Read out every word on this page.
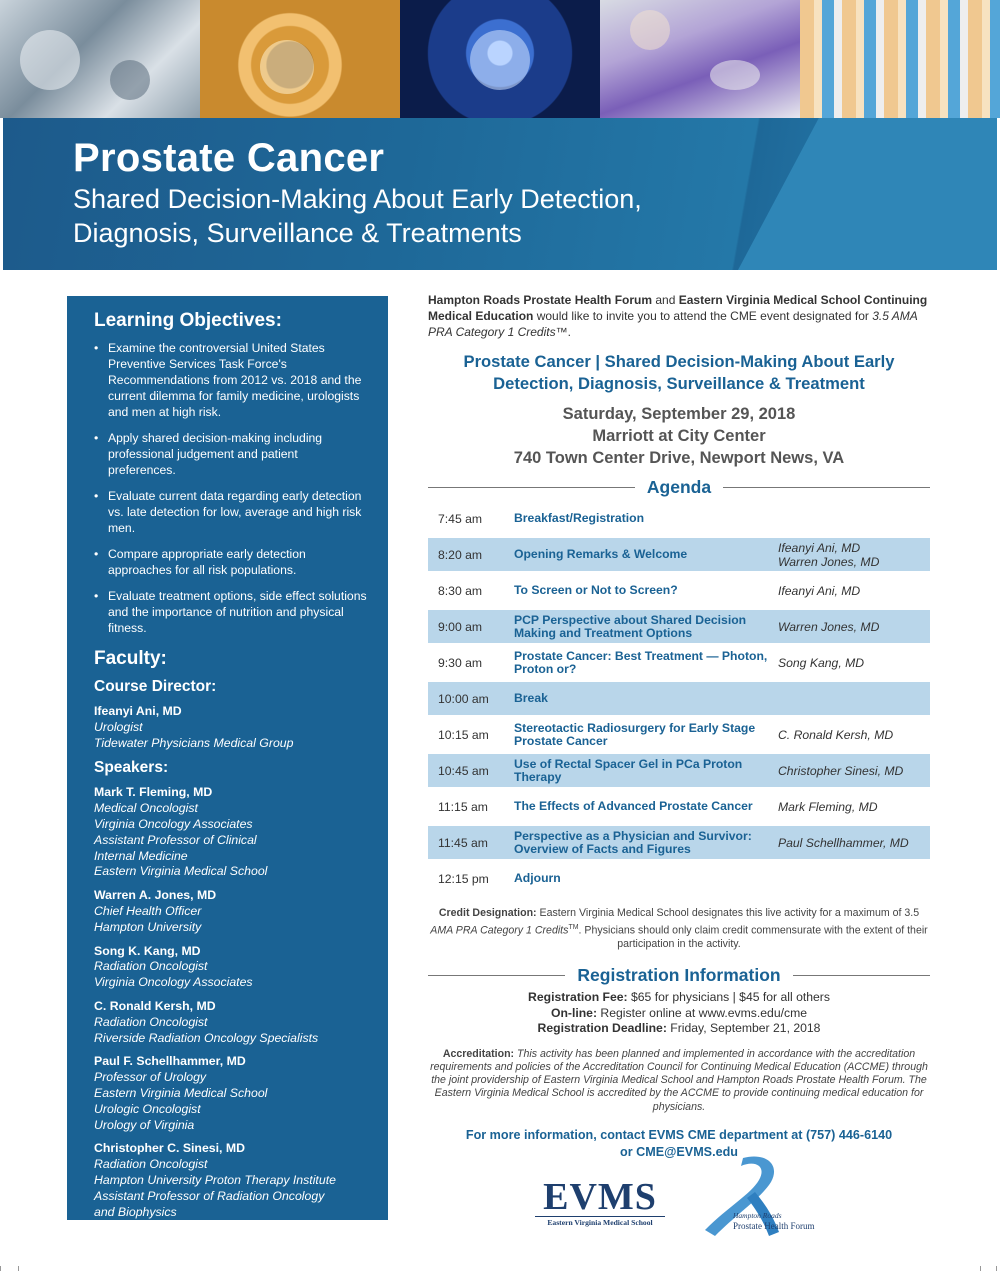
Prostate Cancer
Shared Decision-Making About Early Detection,
Diagnosis, Surveillance & Treatments
Learning Objectives:
• Examine the controversial United States Preventive Services Task Force's Recommendations from 2012 vs. 2018 and the current dilemma for family medicine, urologists and men at high risk.
• Apply shared decision-making including professional judgement and patient preferences.
• Evaluate current data regarding early detection vs. late detection for low, average and high risk men.
• Compare appropriate early detection approaches for all risk populations.
• Evaluate treatment options, side effect solutions and the importance of nutrition and physical fitness.
Faculty:
Course Director:
Ifeanyi Ani, MD
Urologist
Tidewater Physicians Medical Group
Speakers:
Mark T. Fleming, MD
Medical Oncologist
Virginia Oncology Associates
Assistant Professor of Clinical
Internal Medicine
Eastern Virginia Medical School
Warren A. Jones, MD
Chief Health Officer
Hampton University
Song K. Kang, MD
Radiation Oncologist
Virginia Oncology Associates
C. Ronald Kersh, MD
Radiation Oncologist
Riverside Radiation Oncology Specialists
Paul F. Schellhammer, MD
Professor of Urology
Eastern Virginia Medical School
Urologic Oncologist
Urology of Virginia
Christopher C. Sinesi, MD
Radiation Oncologist
Hampton University Proton Therapy Institute
Assistant Professor of Radiation Oncology
and Biophysics
Eastern Virginia Medical School
Hampton Roads Prostate Health Forum and Eastern Virginia Medical School Continuing Medical Education would like to invite you to attend the CME event designated for 3.5 AMA PRA Category 1 Credits™.
Prostate Cancer | Shared Decision-Making About Early
Detection, Diagnosis, Surveillance & Treatment
Saturday, September 29, 2018
Marriott at City Center
740 Town Center Drive, Newport News, VA
Agenda
7:45 am	Breakfast/Registration
8:20 am	Opening Remarks & Welcome	Ifeanyi Ani, MD
Warren Jones, MD
8:30 am	To Screen or Not to Screen?	Ifeanyi Ani, MD
9:00 am	PCP Perspective about Shared Decision Making and Treatment Options	Warren Jones, MD
9:30 am	Prostate Cancer: Best Treatment — Photon, Proton or?	Song Kang, MD
10:00 am	Break
10:15 am	Stereotactic Radiosurgery for Early Stage Prostate Cancer	C. Ronald Kersh, MD
10:45 am	Use of Rectal Spacer Gel in PCa Proton Therapy	Christopher Sinesi, MD
11:15 am	The Effects of Advanced Prostate Cancer	Mark Fleming, MD
11:45 am	Perspective as a Physician and Survivor: Overview of Facts and Figures	Paul Schellhammer, MD
12:15 pm	Adjourn
Credit Designation: Eastern Virginia Medical School designates this live activity for a maximum of 3.5 AMA PRA Category 1 Credits™. Physicians should only claim credit commensurate with the extent of their participation in the activity.
Registration Information
Registration Fee: $65 for physicians | $45 for all others
On-line: Register online at www.evms.edu/cme
Registration Deadline: Friday, September 21, 2018
Accreditation: This activity has been planned and implemented in accordance with the accreditation requirements and policies of the Accreditation Council for Continuing Medical Education (ACCME) through the joint providership of Eastern Virginia Medical School and Hampton Roads Prostate Health Forum. The Eastern Virginia Medical School is accredited by the ACCME to provide continuing medical education for physicians.
For more information, contact EVMS CME department at (757) 446-6140
or CME@EVMS.edu
EVMS
Eastern Virginia Medical School
Hampton Roads
Prostate Health Forum
